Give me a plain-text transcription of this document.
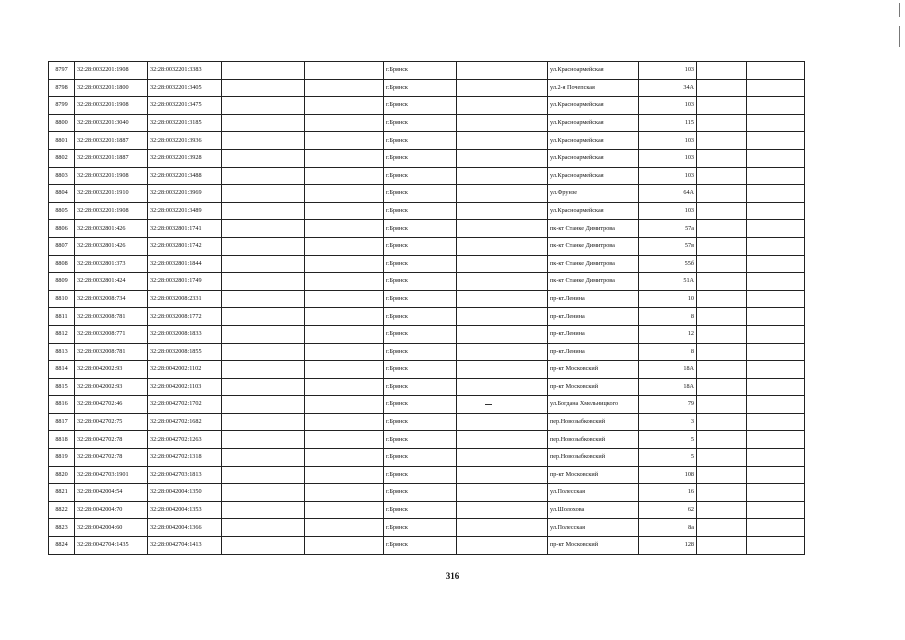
8797	32:28:0032201:1908	32:28:0032201:3383			г.Брянск		ул.Красноармейская	103		
8798	32:28:0032201:1800	32:28:0032201:3405			г.Брянск		ул.2-я Почепская	34А		
8799	32:28:0032201:1908	32:28:0032201:3475			г.Брянск		ул.Красноармейская	103		
8800	32:28:0032201:3040	32:28:0032201:3185			г.Брянск		ул.Красноармейская	115		
8801	32:28:0032201:1887	32:28:0032201:3936			г.Брянск		ул.Красноармейская	103		
8802	32:28:0032201:1887	32:28:0032201:3928			г.Брянск		ул.Красноармейская	103		
8803	32:28:0032201:1908	32:28:0032201:3488			г.Брянск		ул.Красноармейская	103		
8804	32:28:0032201:1910	32:28:0032201:3969			г.Брянск		ул.Фрунзе	64А		
8805	32:28:0032201:1908	32:28:0032201:3489			г.Брянск		ул.Красноармейская	103		
8806	32:28:0032801:426	32:28:0032801:1741			г.Брянск		пк-кт Станке Димитрова	57а		
8807	32:28:0032801:426	32:28:0032801:1742			г.Брянск		пк-кт Станке Димитрова	57в		
8808	32:28:0032801:373	32:28:0032801:1844			г.Брянск		пк-кт Станке Димитрова	55б		
8809	32:28:0032801:424	32:28:0032801:1749			г.Брянск		пк-кт Станке Димитрова	51А		
8810	32:28:0032008:734	32:28:0032008:2331			г.Брянск		пр-кт.Ленина	10		
8811	32:28:0032008:781	32:28:0032008:1772			г.Брянск		пр-кт.Ленина	8		
8812	32:28:0032008:771	32:28:0032008:1833			г.Брянск		пр-кт.Ленина	12		
8813	32:28:0032008:781	32:28:0032008:1855			г.Брянск		пр-кт.Ленина	8		
8814	32:28:0042002:93	32:28:0042002:1102			г.Брянск		пр-кт Московский	18А		
8815	32:28:0042002:93	32:28:0042002:1103			г.Брянск		пр-кт Московский	18А		
8816	32:28:0042702:46	32:28:0042702:1702			г.Брянск		ул.Богдана Хмельницкого	79		
8817	32:28:0042702:75	32:28:0042702:1682			г.Брянск		пер.Новозыбковский	3		
8818	32:28:0042702:78	32:28:0042702:1263			г.Брянск		пер.Новозыбковский	5		
8819	32:28:0042702:78	32:28:0042702:1318			г.Брянск		пер.Новозыбковский	5		
8820	32:28:0042703:1901	32:28:0042703:1813			г.Брянск		пр-кт Московский	108		
8821	32:28:0042004:54	32:28:0042004:1350			г.Брянск		ул.Полесская	16		
8822	32:28:0042004:70	32:28:0042004:1353			г.Брянск		ул.Шолохова	62		
8823	32:28:0042004:60	32:28:0042004:1366			г.Брянск		ул.Полесская	8а		
8824	32:28:0042704:1435	32:28:0042704:1413			г.Брянск		пр-кт Московский	128		
316
